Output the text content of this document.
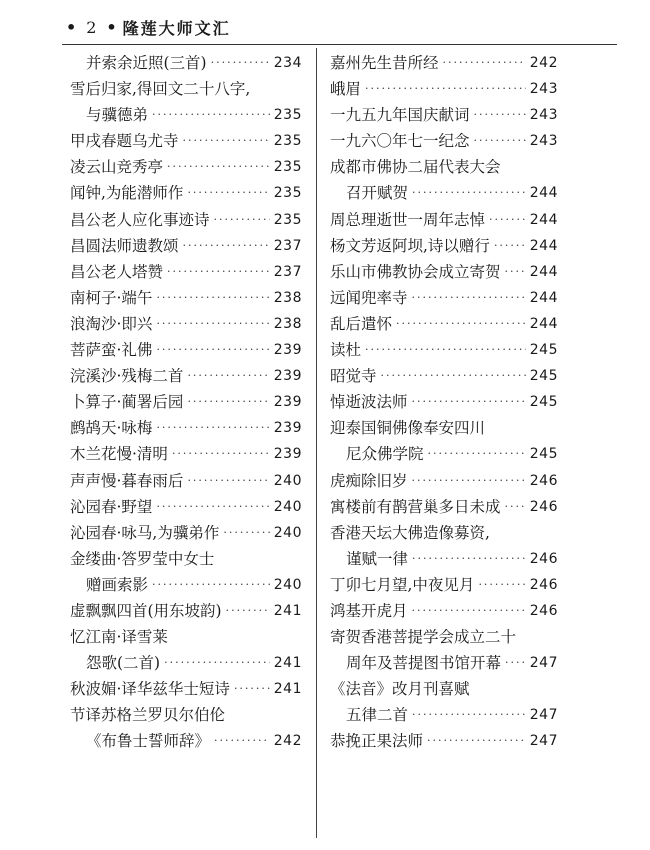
• 2 • 隆莲大师文汇
并索余近照(三首) ·····	234
雪后归家,得回文二十八字,
与骥德弟 ·····	235
甲戌春题乌尤寺 ·····	235
凌云山竞秀亭 ·····	235
闻钟,为能潜师作 ·····	235
昌公老人应化事迹诗 ·····	235
昌圆法师遗教颂 ·····	237
昌公老人塔赞 ·····	237
南柯子·端午 ·····	238
浪淘沙·即兴 ·····	238
菩萨蛮·礼佛 ·····	239
浣溪沙·残梅二首 ·····	239
卜算子·蔺署后园 ·····	239
鹧鸪天·咏梅 ·····	239
木兰花慢·清明 ·····	239
声声慢·暮春雨后 ·····	240
沁园春·野望 ·····	240
沁园春·咏马,为骥弟作 ·····	240
金缕曲·答罗莹中女士
赠画索影 ·····	240
虚飘飘四首(用东坡韵) ·····	241
忆江南·译雪莱
怨歌(二首) ·····	241
秋波媚·译华兹华士短诗 ·····	241
节译苏格兰罗贝尔伯伦
《布鲁士誓师辞》 ·····	242
嘉州先生昔所经 ·····	242
峨眉 ·····	243
一九五九年国庆献词 ·····	243
一九六〇年七一纪念 ·····	243
成都市佛协二届代表大会
召开赋贺 ·····	244
周总理逝世一周年志悼 ·····	244
杨文芳返阿坝,诗以赠行 ·····	244
乐山市佛教协会成立寄贺 ····· 244
远闻兜率寺 ·····	244
乱后遣怀 ·····	244
读杜 ·····	245
昭觉寺 ·····	245
悼逝波法师 ·····	245
迎泰国铜佛像奉安四川
尼众佛学院 ·····	245
虎痴除旧岁 ·····	246
寓楼前有鹊营巢多日未成 ····· 246
香港天坛大佛造像募资,
谨赋一律 ·····	246
丁卯七月望,中夜见月 ·····	246
鸿基开虎月 ·····	246
寄贺香港菩提学会成立二十
周年及菩提图书馆开幕 ····· 247
《法音》改月刊喜赋
五律二首 ·····	247
恭挽正果法师 ·····	247
